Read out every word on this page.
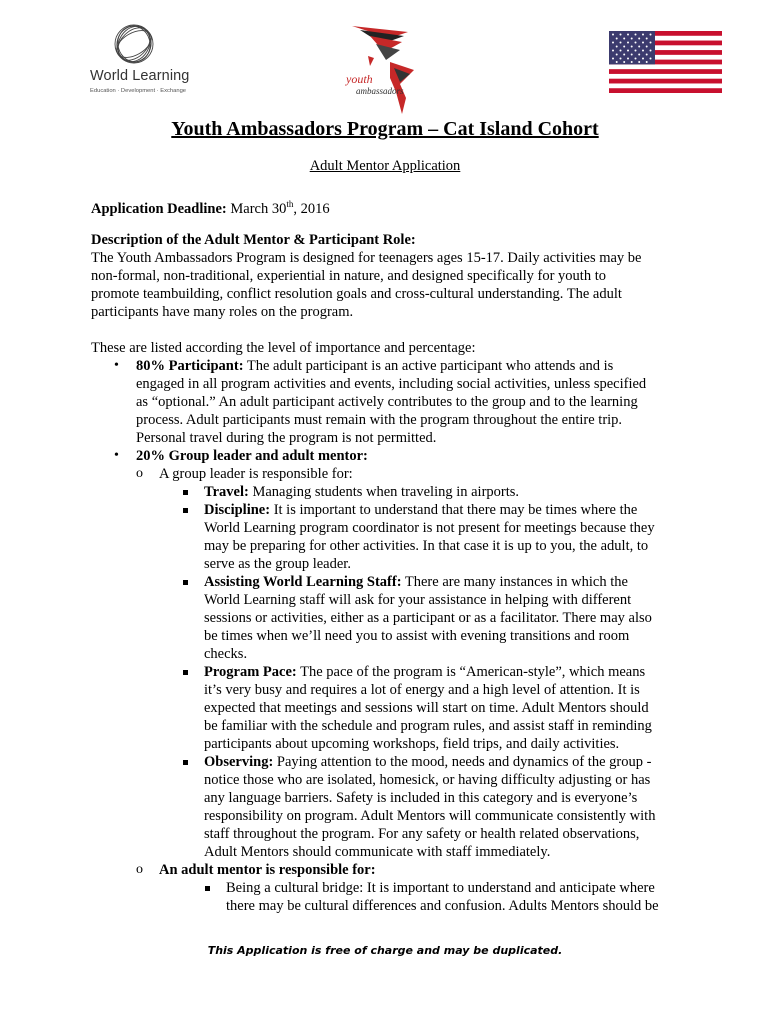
World Learning
Education · Development · Exchange
youth
ambassadors
Youth Ambassadors Program – Cat Island Cohort
Adult Mentor Application
Application Deadline: March 30th, 2016
Description of the Adult Mentor & Participant Role:
The Youth Ambassadors Program is designed for teenagers ages 15-17. Daily activities may be
non-formal, non-traditional, experiential in nature, and designed specifically for youth to
promote teambuilding, conflict resolution goals and cross-cultural understanding. The adult
participants have many roles on the program.
These are listed according the level of importance and percentage:
• 80% Participant: The adult participant is an active participant who attends and is
engaged in all program activities and events, including social activities, unless specified
as “optional.” An adult participant actively contributes to the group and to the learning
process. Adult participants must remain with the program throughout the entire trip.
Personal travel during the program is not permitted.
• 20% Group leader and adult mentor:
o A group leader is responsible for:
Travel: Managing students when traveling in airports.
Discipline: It is important to understand that there may be times where the
World Learning program coordinator is not present for meetings because they
may be preparing for other activities. In that case it is up to you, the adult, to
serve as the group leader.
Assisting World Learning Staff: There are many instances in which the
World Learning staff will ask for your assistance in helping with different
sessions or activities, either as a participant or as a facilitator. There may also
be times when we’ll need you to assist with evening transitions and room
checks.
Program Pace: The pace of the program is “American-style”, which means
it’s very busy and requires a lot of energy and a high level of attention. It is
expected that meetings and sessions will start on time. Adult Mentors should
be familiar with the schedule and program rules, and assist staff in reminding
participants about upcoming workshops, field trips, and daily activities.
Observing: Paying attention to the mood, needs and dynamics of the group -
notice those who are isolated, homesick, or having difficulty adjusting or has
any language barriers. Safety is included in this category and is everyone’s
responsibility on program. Adult Mentors will communicate consistently with
staff throughout the program. For any safety or health related observations,
Adult Mentors should communicate with staff immediately.
o An adult mentor is responsible for:
Being a cultural bridge: It is important to understand and anticipate where
there may be cultural differences and confusion. Adults Mentors should be
This Application is free of charge and may be duplicated.
